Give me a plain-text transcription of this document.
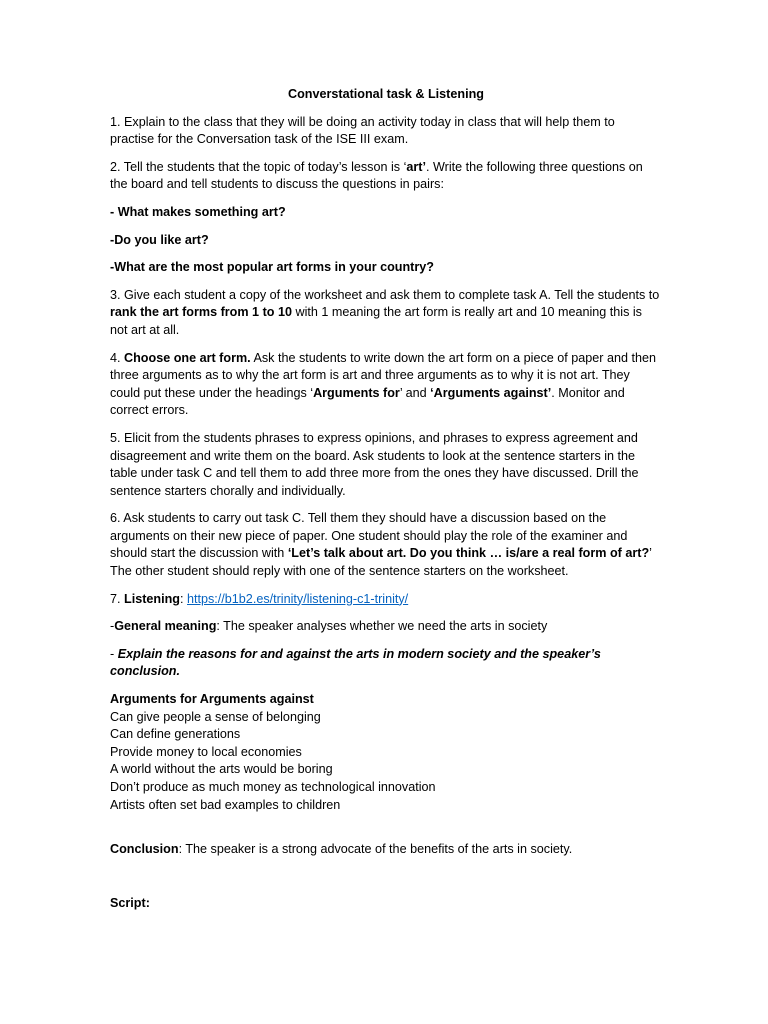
Converstational task & Listening
1. Explain to the class that they will be doing an activity today in class that will help them to practise for the Conversation task of the ISE III exam.
2. Tell the students that the topic of today’s lesson is ‘art’. Write the following three questions on the board and tell students to discuss the questions in pairs:
- What makes something art?
-Do you like art?
-What are the most popular art forms in your country?
3. Give each student a copy of the worksheet and ask them to complete task A. Tell the students to rank the art forms from 1 to 10 with 1 meaning the art form is really art and 10 meaning this is not art at all.
4. Choose one art form. Ask the students to write down the art form on a piece of paper and then three arguments as to why the art form is art and three arguments as to why it is not art. They could put these under the headings ‘Arguments for’ and ‘Arguments against’. Monitor and correct errors.
5. Elicit from the students phrases to express opinions, and phrases to express agreement and disagreement and write them on the board. Ask students to look at the sentence starters in the table under task C and tell them to add three more from the ones they have discussed. Drill the sentence starters chorally and individually.
6. Ask students to carry out task C. Tell them they should have a discussion based on the arguments on their new piece of paper. One student should play the role of the examiner and should start the discussion with ‘Let’s talk about art. Do you think … is/are a real form of art?’ The other student should reply with one of the sentence starters on the worksheet.
7. Listening: https://b1b2.es/trinity/listening-c1-trinity/
-General meaning: The speaker analyses whether we need the arts in society
- Explain the reasons for and against the arts in modern society and the speaker’s conclusion.
Arguments for Arguments against
Can give people a sense of belonging
Can define generations
Provide money to local economies
A world without the arts would be boring
Don’t produce as much money as technological innovation
Artists often set bad examples to children
Conclusion: The speaker is a strong advocate of the benefits of the arts in society.
Script:
